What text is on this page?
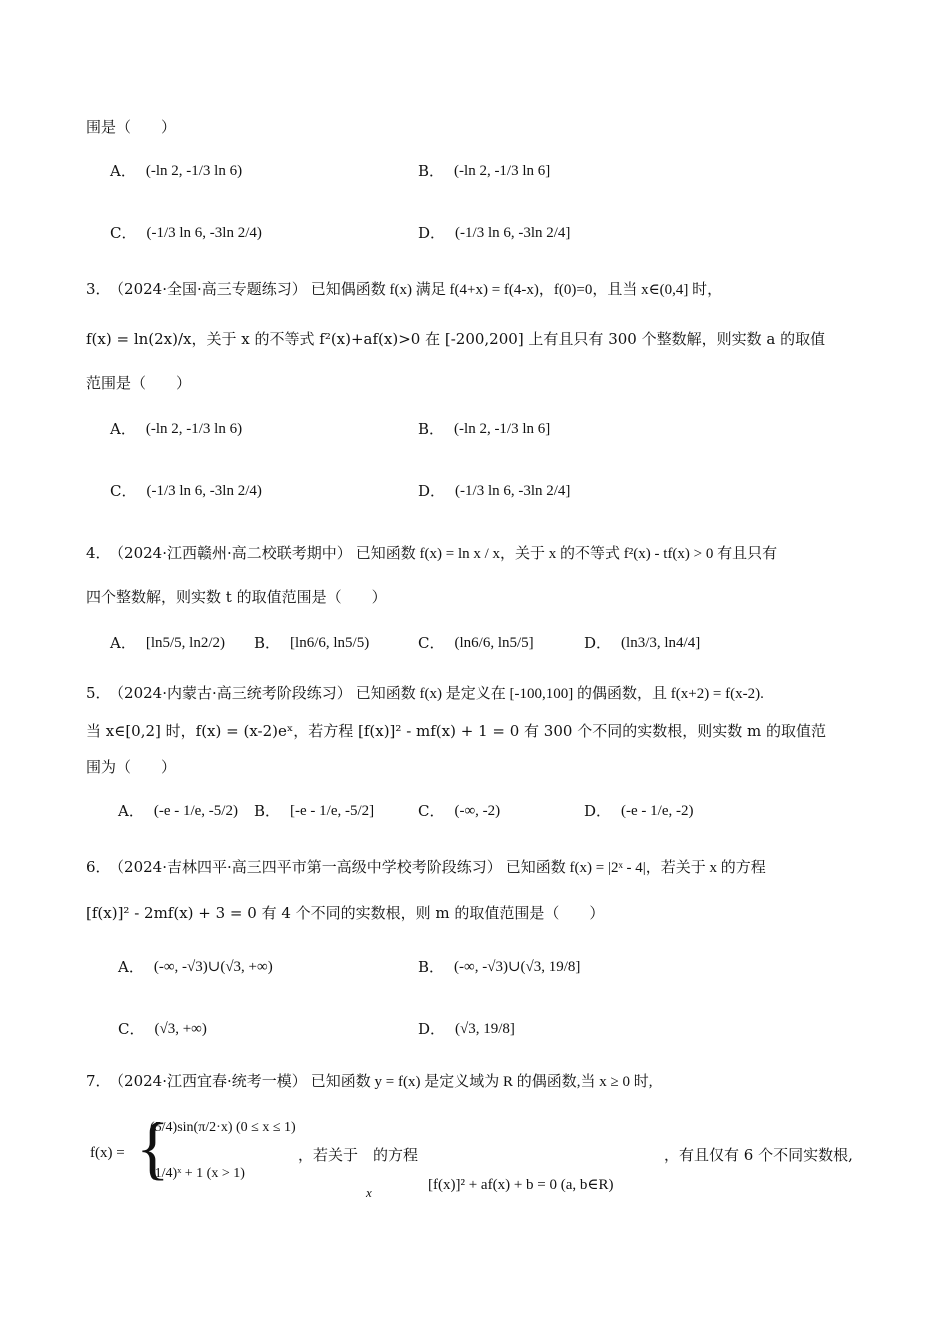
围是（　　）
A． (-ln 2, -1/3 ln 6)	B． (-ln 2, -1/3 ln 6]
C． (-1/3 ln 6, -3ln 2/4)	D． (-1/3 ln 6, -3ln 2/4]
3． （2024·全国·高三专题练习） 已知偶函数 f(x) 满足 f(4+x) = f(4-x)，f(0)=0，且当 x∈(0,4] 时，
f(x) = ln(2x)/x，关于 x 的不等式 f²(x)+af(x)>0 在 [-200,200] 上有且只有 300 个整数解，则实数 a 的取值
范围是（　　）
A． (-ln 2, -1/3 ln 6)	B． (-ln 2, -1/3 ln 6]
C． (-1/3 ln 6, -3ln 2/4)	D． (-1/3 ln 6, -3ln 2/4]
4． （2024·江西赣州·高二校联考期中） 已知函数 f(x) = ln x / x，关于 x 的不等式 f²(x) - tf(x) > 0 有且只有
四个整数解，则实数 t 的取值范围是（　　）
A． [ln5/5, ln2/2) B． [ln6/6, ln5/5)	C． (ln6/6, ln5/5]	D． (ln3/3, ln4/4]
5． （2024·内蒙古·高三统考阶段练习） 已知函数 f(x) 是定义在 [-100,100] 的偶函数，且 f(x+2) = f(x-2).
当 x∈[0,2] 时，f(x) = (x-2)eˣ，若方程 [f(x)]² - mf(x) + 1 = 0 有 300 个不同的实数根，则实数 m 的取值范
围为（　　）
A． (-e - 1/e, -5/2) B． [-e - 1/e, -5/2]	C． (-∞, -2)	D． (-e - 1/e, -2)
6． （2024·吉林四平·高三四平市第一高级中学校考阶段练习） 已知函数 f(x) = |2ˣ - 4|，若关于 x 的方程
[f(x)]² - 2mf(x) + 3 = 0 有 4 个不同的实数根，则 m 的取值范围是（　　）
A． (-∞, -√3)∪(√3, +∞)	B． (-∞, -√3)∪(√3, 19/8]
C． (√3, +∞)	D． (√3, 19/8]
7． （2024·江西宜春·统考一模） 已知函数 y = f(x) 是定义域为 R 的偶函数,当 x ≥ 0 时,
f(x) = {
(5/4)sin(π/2·x) (0 ≤ x ≤ 1)
(1/4)ˣ + 1 (x > 1)
，若关于　的方程
x	[f(x)]² + af(x) + b = 0 (a, b∈R)
，有且仅有 6 个不同实数根,
